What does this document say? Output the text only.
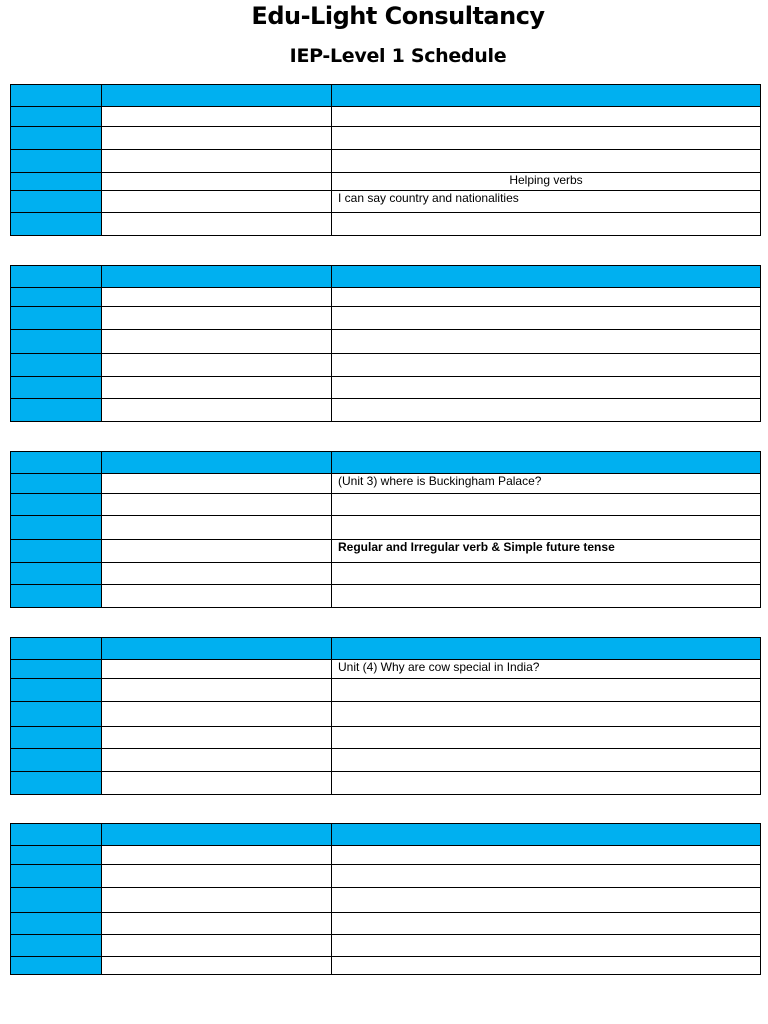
Edu-Light Consultancy
IEP-Level 1 Schedule

		Helping verbs
		I can say country and nationalities

		(Unit 3) where is Buckingham Palace?

		Regular and Irregular verb & Simple future tense

		Unit (4) Why are cow special in India?
